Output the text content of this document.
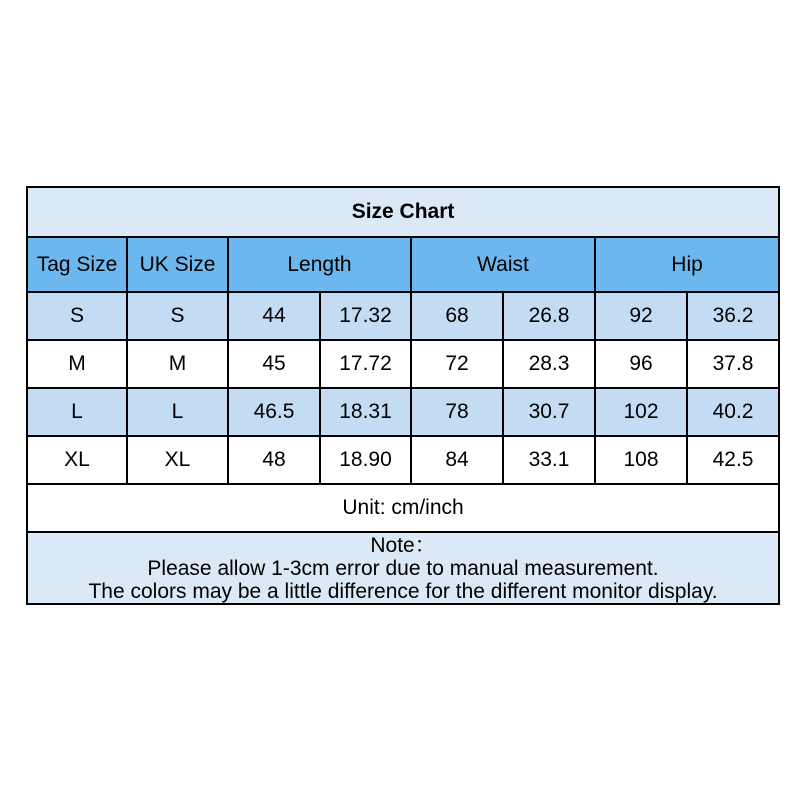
Size Chart							
Tag Size	UK Size	Length		Waist		Hip	
S	S	44	17.32	68	26.8	92	36.2
M	M	45	17.72	72	28.3	96	37.8
L	L	46.5	18.31	78	30.7	102	40.2
XL	XL	48	18.90	84	33.1	108	42.5
Unit: cm/inch							

Note：
Please allow 1-3cm error due to manual measurement.
The colors may be a little difference for the different monitor display.							
